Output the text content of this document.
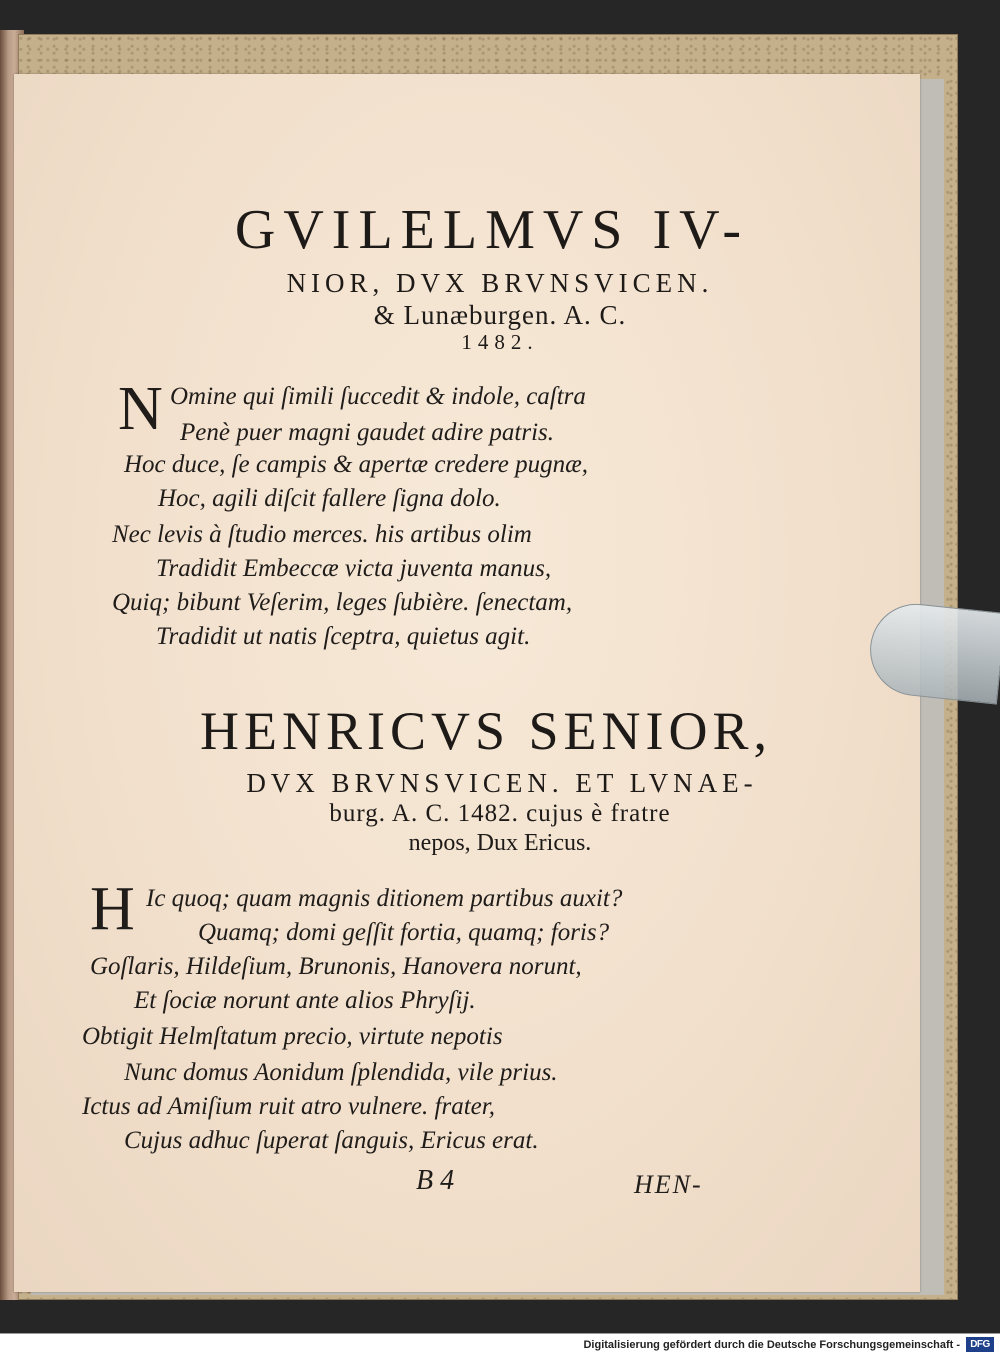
GVILELMVS IV-
NIOR, DVX BRVNSVICEN.
& Lunæburgen. A. C.
1482.
N Omine qui ſimili ſuccedit & indole, caſtra
Penè puer magni gaudet adire patris.
Hoc duce, ſe campis & apertæ credere pugnæ,
Hoc, agili diſcit fallere ſigna dolo.
Nec levis à ſtudio merces. his artibus olim
Tradidit Embeccæ victa juventa manus,
Quiq; bibunt Veſerim, leges ſubière. ſenectam,
Tradidit ut natis ſceptra, quietus agit.
HENRICVS SENIOR,
DVX BRVNSVICEN. ET LVNAE-
burg. A. C. 1482. cujus è fratre
nepos, Dux Ericus.
H Ic quoq; quam magnis ditionem partibus auxit?
Quamq; domi geſſit fortia, quamq; foris?
Goſlaris, Hildeſium, Brunonis, Hanovera norunt,
Et ſociæ norunt ante alios Phryſij.
Obtigit Helmſtatum precio, virtute nepotis
Nunc domus Aonidum ſplendida, vile prius.
Ictus ad Amiſium ruit atro vulnere. frater,
Cujus adhuc ſuperat ſanguis, Ericus erat.
B 4	HEN-
Digitalisierung gefördert durch die Deutsche Forschungsgemeinschaft -	DFG
